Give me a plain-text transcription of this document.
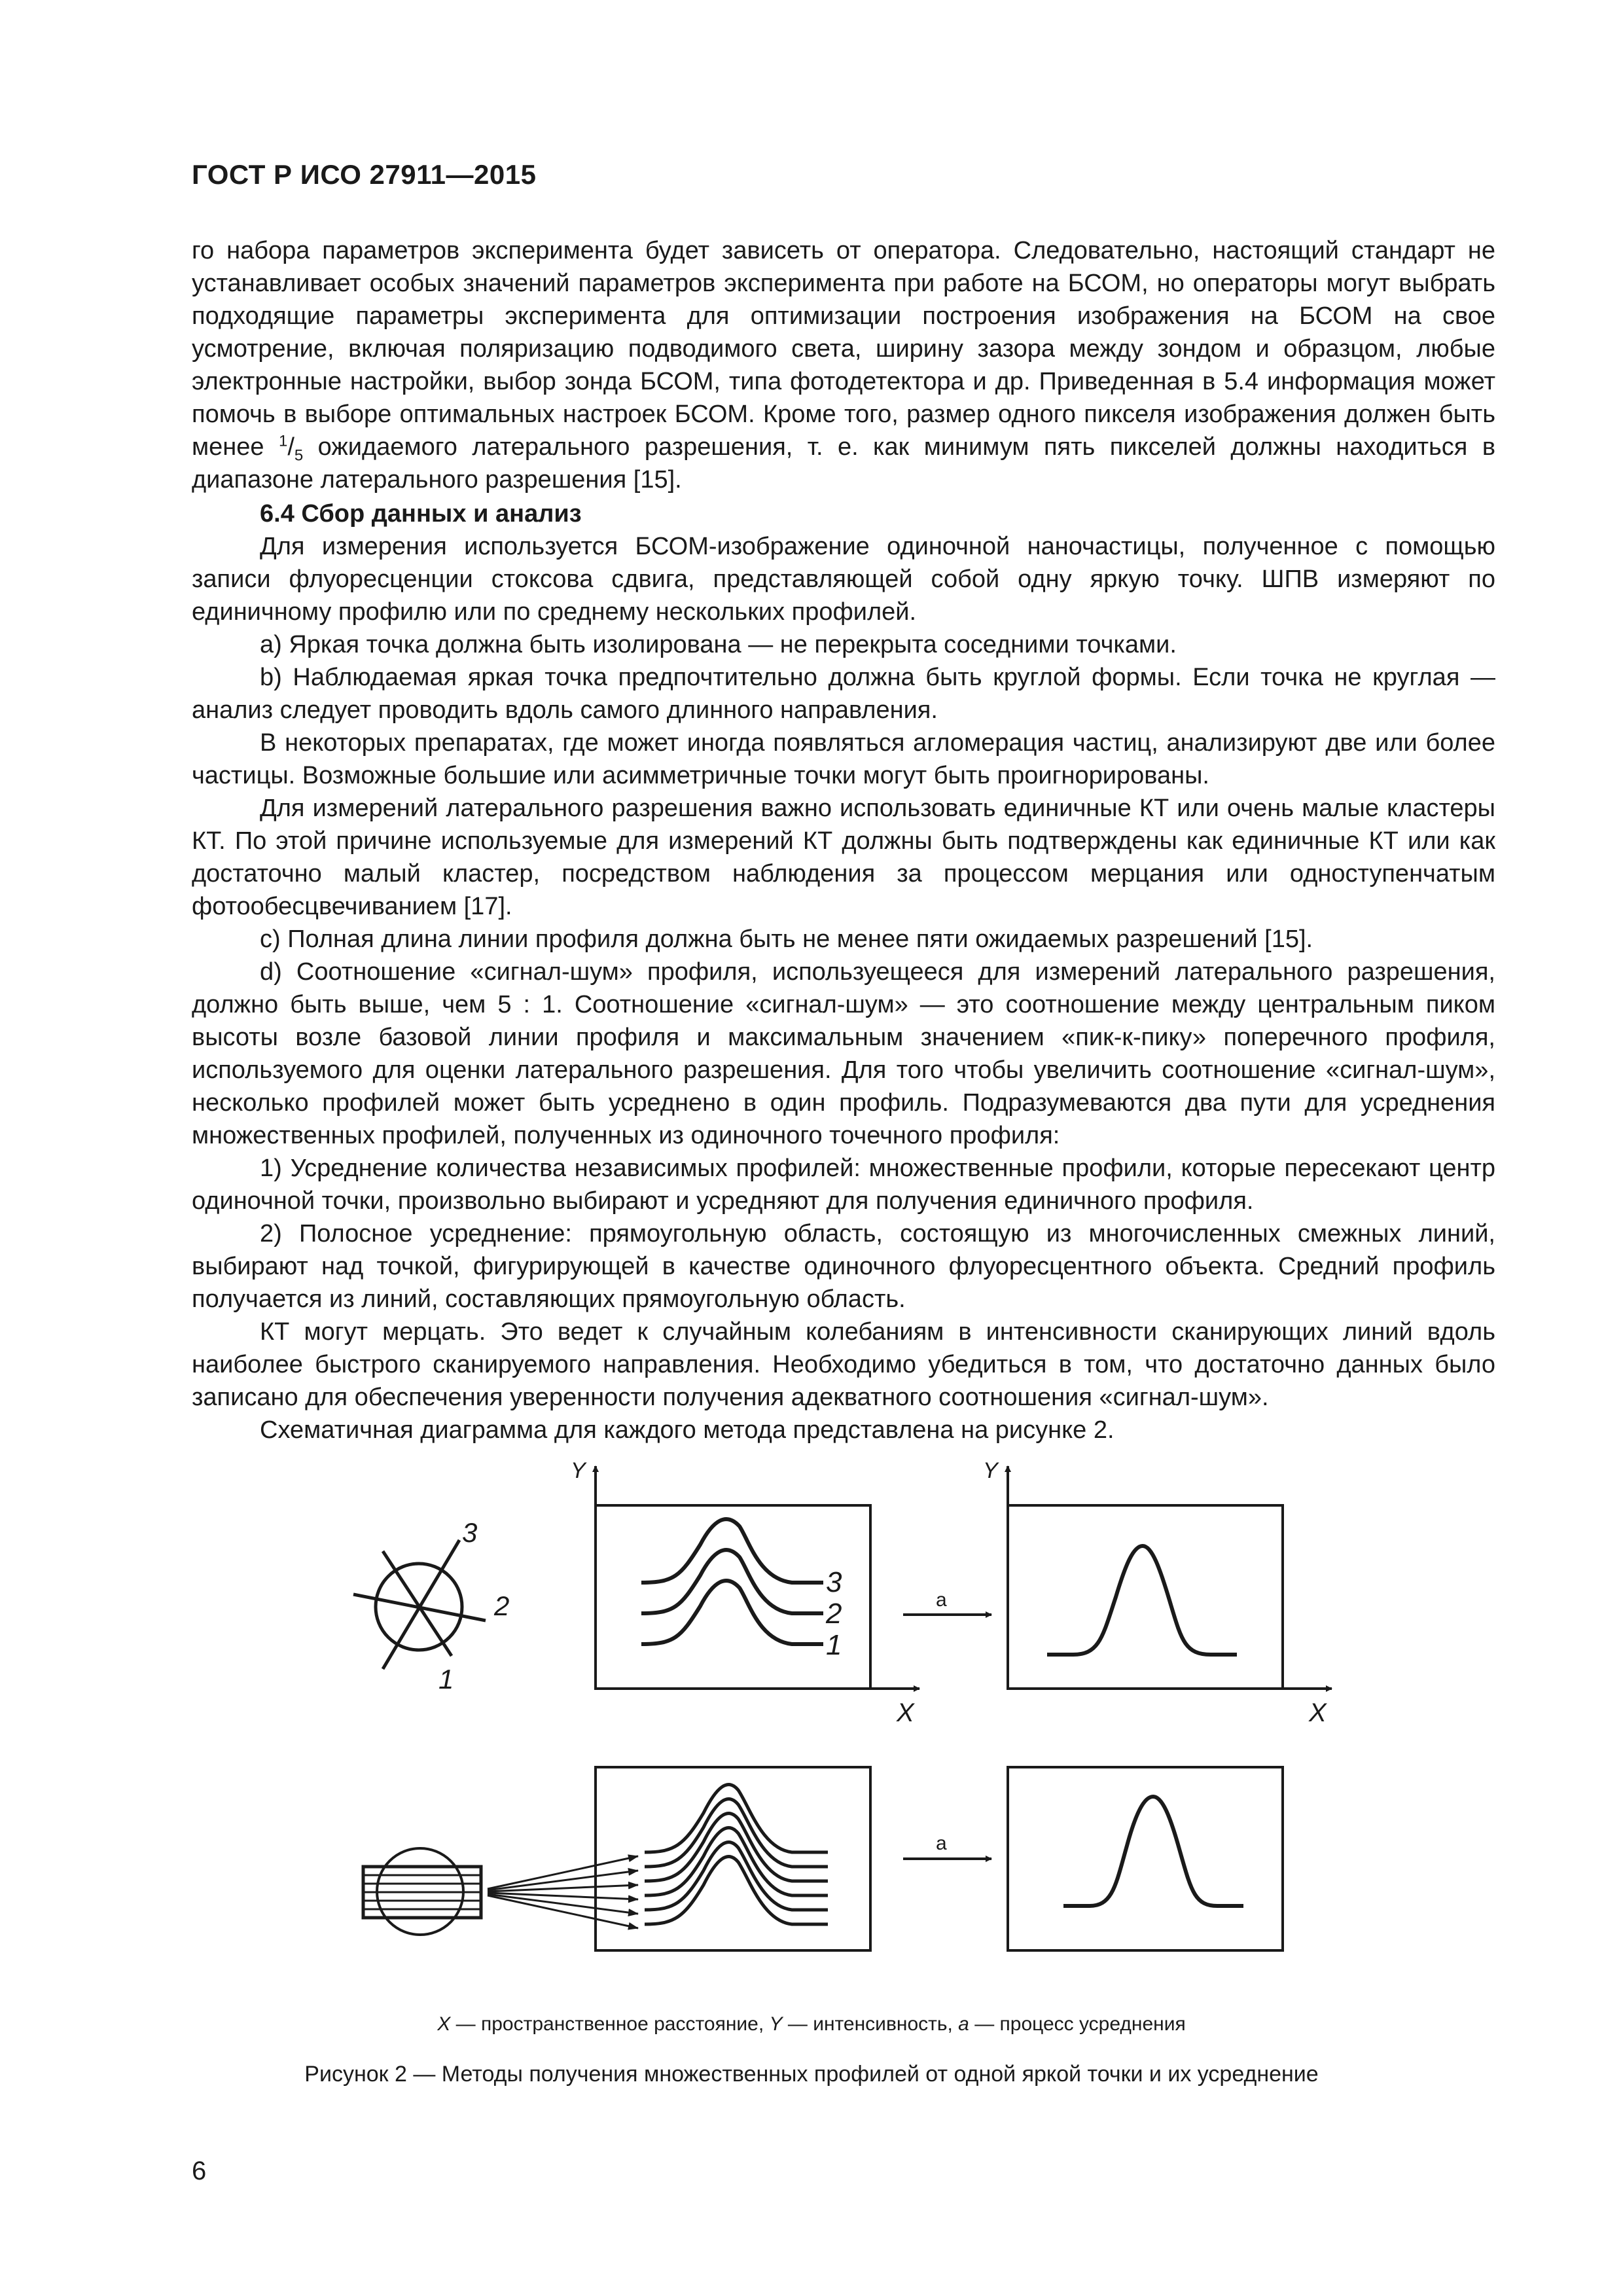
ГОСТ Р ИСО 27911—2015

го набора параметров эксперимента будет зависеть от оператора. Следовательно, настоящий стандарт не устанавливает особых значений параметров эксперимента при работе на БСОМ, но операторы могут выбрать подходящие параметры эксперимента для оптимизации построения изображения на БСОМ на свое усмотрение, включая поляризацию подводимого света, ширину зазора между зондом и образцом, любые электронные настройки, выбор зонда БСОМ, типа фотодетектора и др. Приведенная в 5.4 информация может помочь в выборе оптимальных настроек БСОМ. Кроме того, размер одного пикселя изображения должен быть менее $^1/_5$ ожидаемого латерального разрешения, т. е. как минимум пять пикселей должны находиться в диапазоне латерального разрешения [15].

6.4 Сбор данных и анализ

Для измерения используется БСОМ-изображение одиночной наночастицы, полученное с помощью записи флуоресценции стоксова сдвига, представляющей собой одну яркую точку. ШПВ измеряют по единичному профилю или по среднему нескольких профилей.

а) Яркая точка должна быть изолирована — не перекрыта соседними точками.

b) Наблюдаемая яркая точка предпочтительно должна быть круглой формы. Если точка не круглая — анализ следует проводить вдоль самого длинного направления.

В некоторых препаратах, где может иногда появляться агломерация частиц, анализируют две или более частицы. Возможные большие или асимметричные точки могут быть проигнорированы.

Для измерений латерального разрешения важно использовать единичные КТ или очень малые кластеры КТ. По этой причине используемые для измерений КТ должны быть подтверждены как единичные КТ или как достаточно малый кластер, посредством наблюдения за процессом мерцания или одноступенчатым фотообесцвечиванием [17].

с) Полная длина линии профиля должна быть не менее пяти ожидаемых разрешений [15].

d) Соотношение «сигнал-шум» профиля, используещееся для измерений латерального разрешения, должно быть выше, чем 5 : 1. Соотношение «сигнал-шум» — это соотношение между центральным пиком высоты возле базовой линии профиля и максимальным значением «пик-к-пику» поперечного профиля, используемого для оценки латерального разрешения. Для того чтобы увеличить соотношение «сигнал-шум», несколько профилей может быть усреднено в один профиль. Подразумеваются два пути для усреднения множественных профилей, полученных из одиночного точечного профиля:

1) Усреднение количества независимых профилей: множественные профили, которые пересекают центр одиночной точки, произвольно выбирают и усредняют для получения единичного профиля.

2) Полосное усреднение: прямоугольную область, состоящую из многочисленных смежных линий, выбирают над точкой, фигурирующей в качестве одиночного флуоресцентного объекта. Средний профиль получается из линий, составляющих прямоугольную область.

КТ могут мерцать. Это ведет к случайным колебаниям в интенсивности сканирующих линий вдоль наиболее быстрого сканируемого направления. Необходимо убедиться в том, что достаточно данных было записано для обеспечения уверенности получения адекватного соотношения «сигнал-шум».

Схематичная диаграмма для каждого метода представлена на рисунке 2.

3
2
1
Y
X
3
2
1
a
Y
X
a
X — пространственное расстояние, Y — интенсивность, a — процесс усреднения
Рисунок 2 — Методы получения множественных профилей от одной яркой точки и их усреднение
6
